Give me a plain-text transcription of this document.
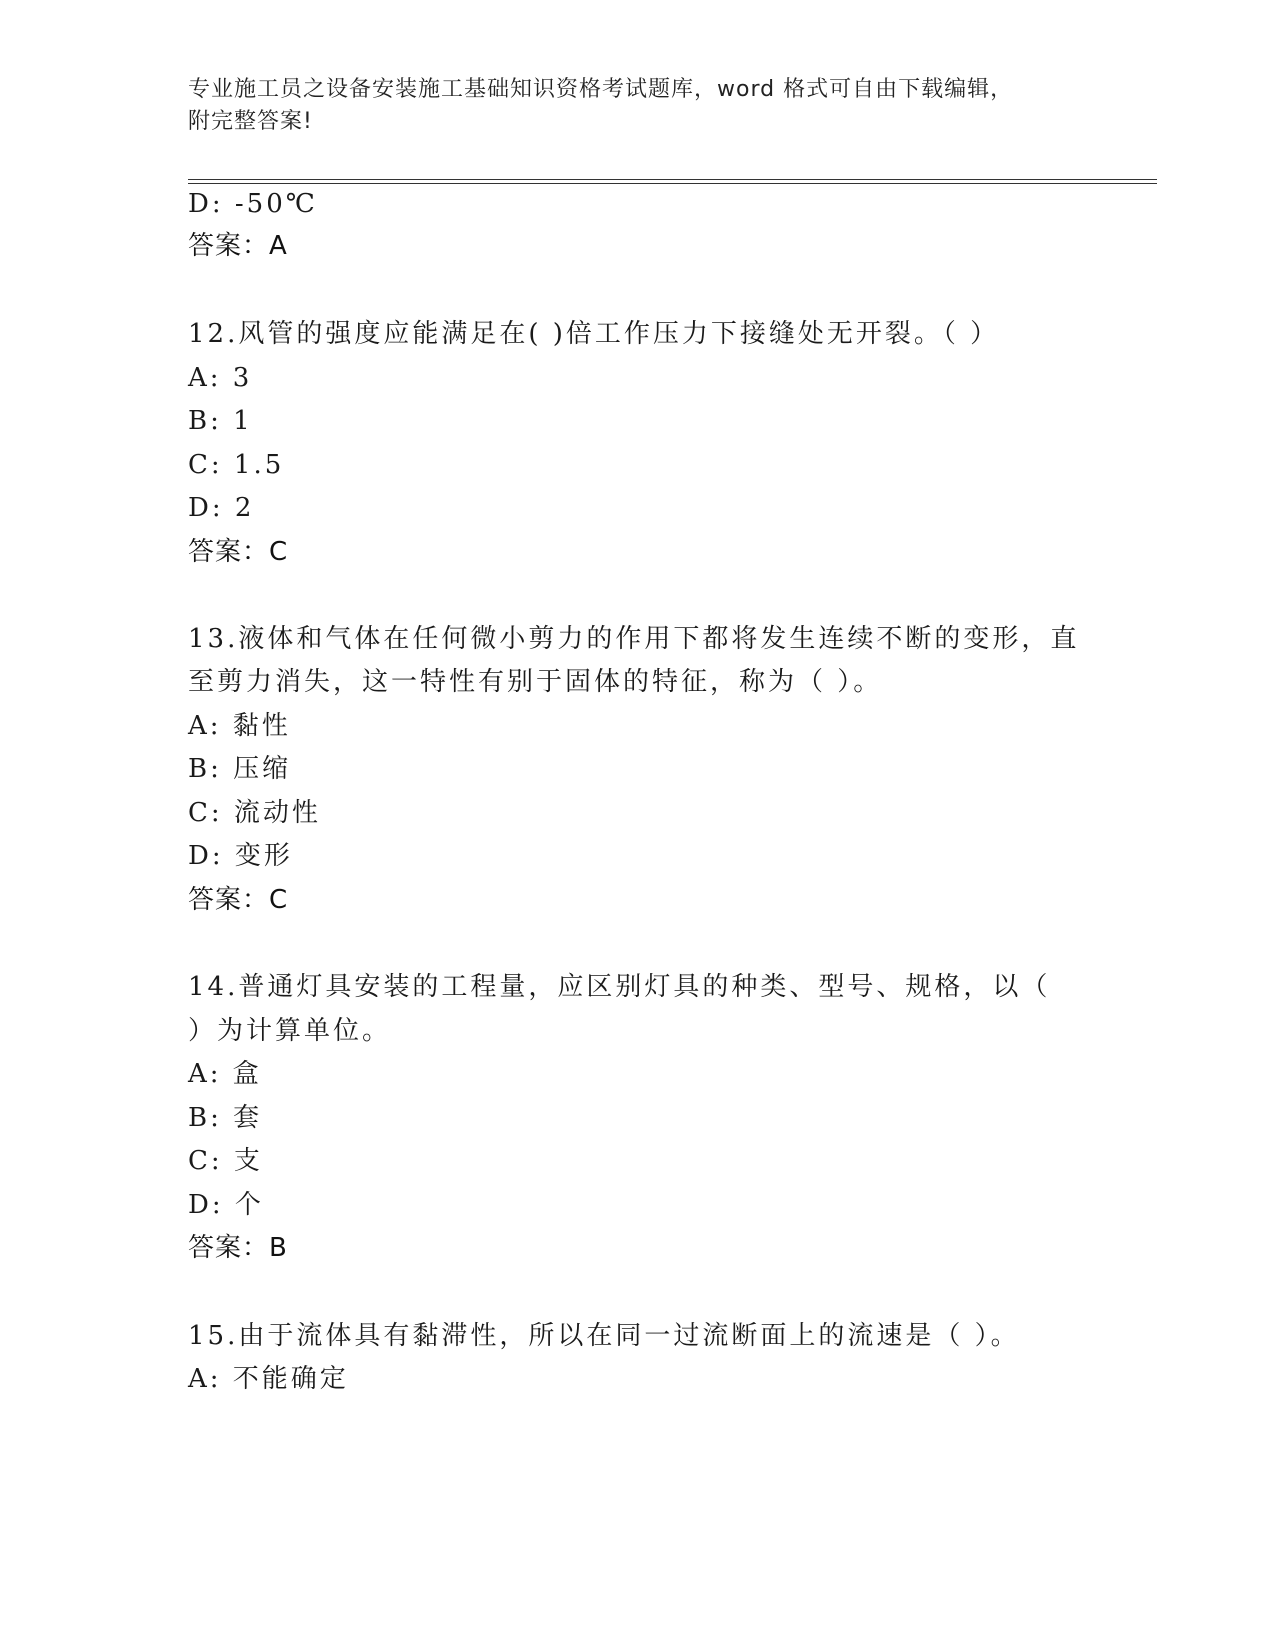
专业施工员之设备安装施工基础知识资格考试题库，word 格式可自由下载编辑，
附完整答案!
D: -50℃
答案：A
12.风管的强度应能满足在( )倍工作压力下接缝处无开裂。（ ）
A: 3
B: 1
C: 1.5
D: 2
答案：C
13.液体和气体在任何微小剪力的作用下都将发生连续不断的变形，直
至剪力消失，这一特性有别于固体的特征，称为（ ）。
A: 黏性
B: 压缩
C: 流动性
D: 变形
答案：C
14.普通灯具安装的工程量，应区别灯具的种类、型号、规格，以（
）为计算单位。
A: 盒
B: 套
C: 支
D: 个
答案：B
15.由于流体具有黏滞性，所以在同一过流断面上的流速是（ ）。
A: 不能确定
